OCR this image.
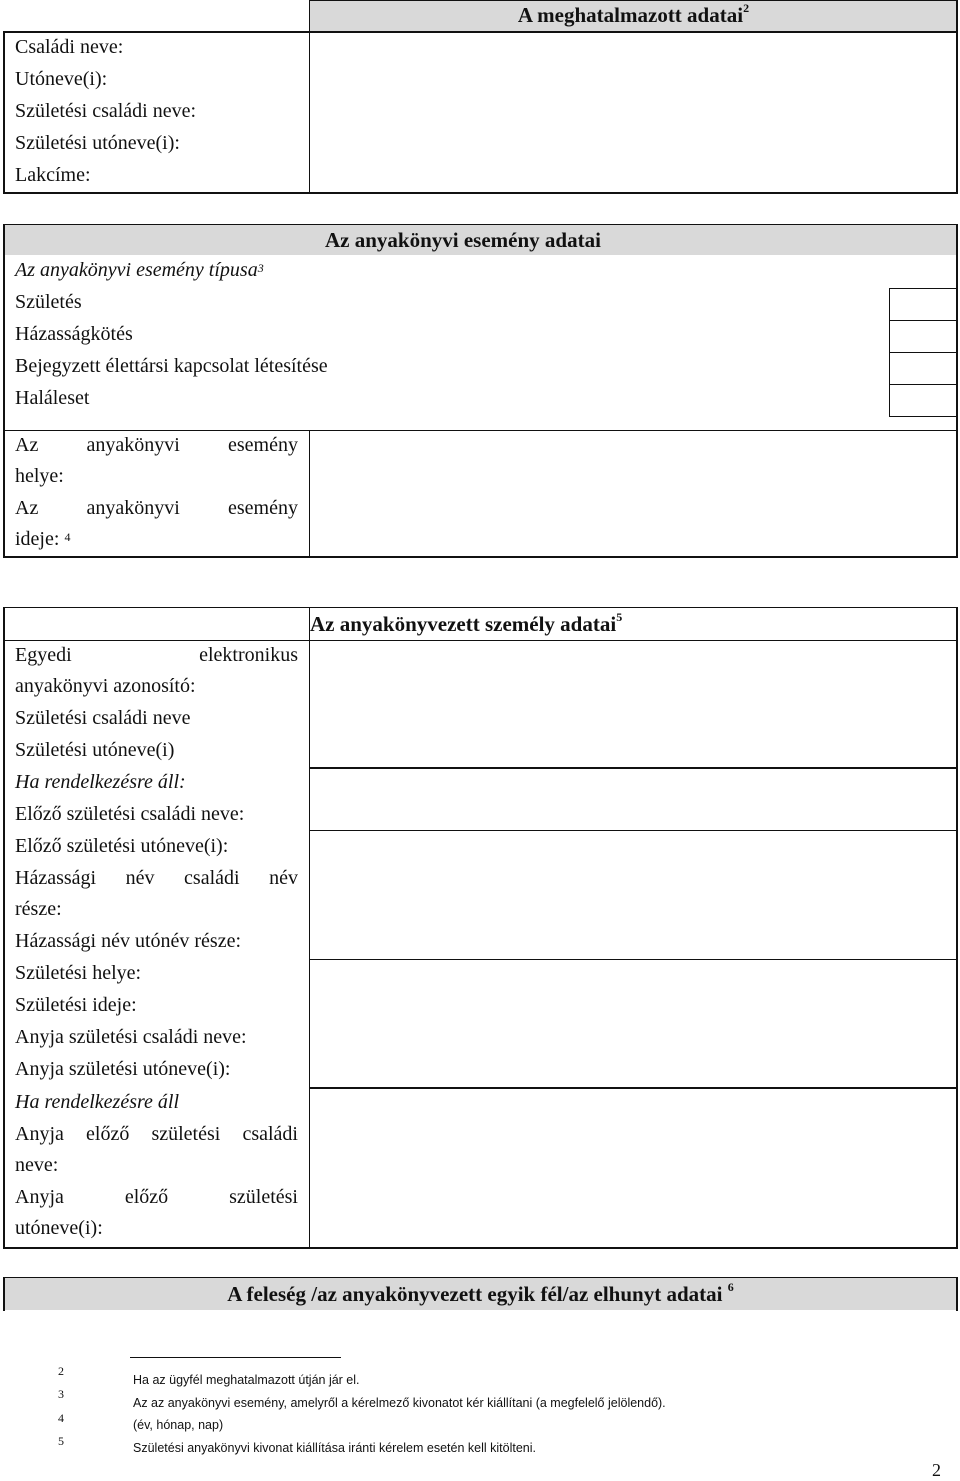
A meghatalmazott adatai$^2$
Családi neve:
Utóneve(i):
Születési családi neve:
Születési utóneve(i):
Lakcíme:
Az anyakönyvi esemény adatai
Az anyakönyvi esemény típusa$^3$
Születés
Házasságkötés
Bejegyzett élettársi kapcsolat létesítése
Haláleset
Az anyakönyvi esemény
helye:
Az anyakönyvi esemény
ideje: $^4$
Az anyakönyvezett személy adatai$^5$
Egyedi	elektronikus
anyakönyvi azonosító:
Születési családi neve
Születési utóneve(i)
Ha rendelkezésre áll:
Előző születési családi neve:
Előző születési utóneve(i):
Házassági név családi név
része:
Házassági név utónév része:
Születési helye:
Születési ideje:
Anyja születési családi neve:
Anyja születési utóneve(i):
Ha rendelkezésre áll
Anyja előző születési családi
neve:
Anyja	előző	születési
utóneve(i):
A feleség /az anyakönyvezett egyik fél/az elhunyt adatai $^6$
2
3
4
5
Ha az ügyfél meghatalmazott útján jár el.
Az az anyakönyvi esemény, amelyről a kérelmező kivonatot kér kiállítani (a megfelelő jelölendő).
(év, hónap, nap)
Születési anyakönyvi kivonat kiállítása iránti kérelem esetén kell kitölteni.
2
